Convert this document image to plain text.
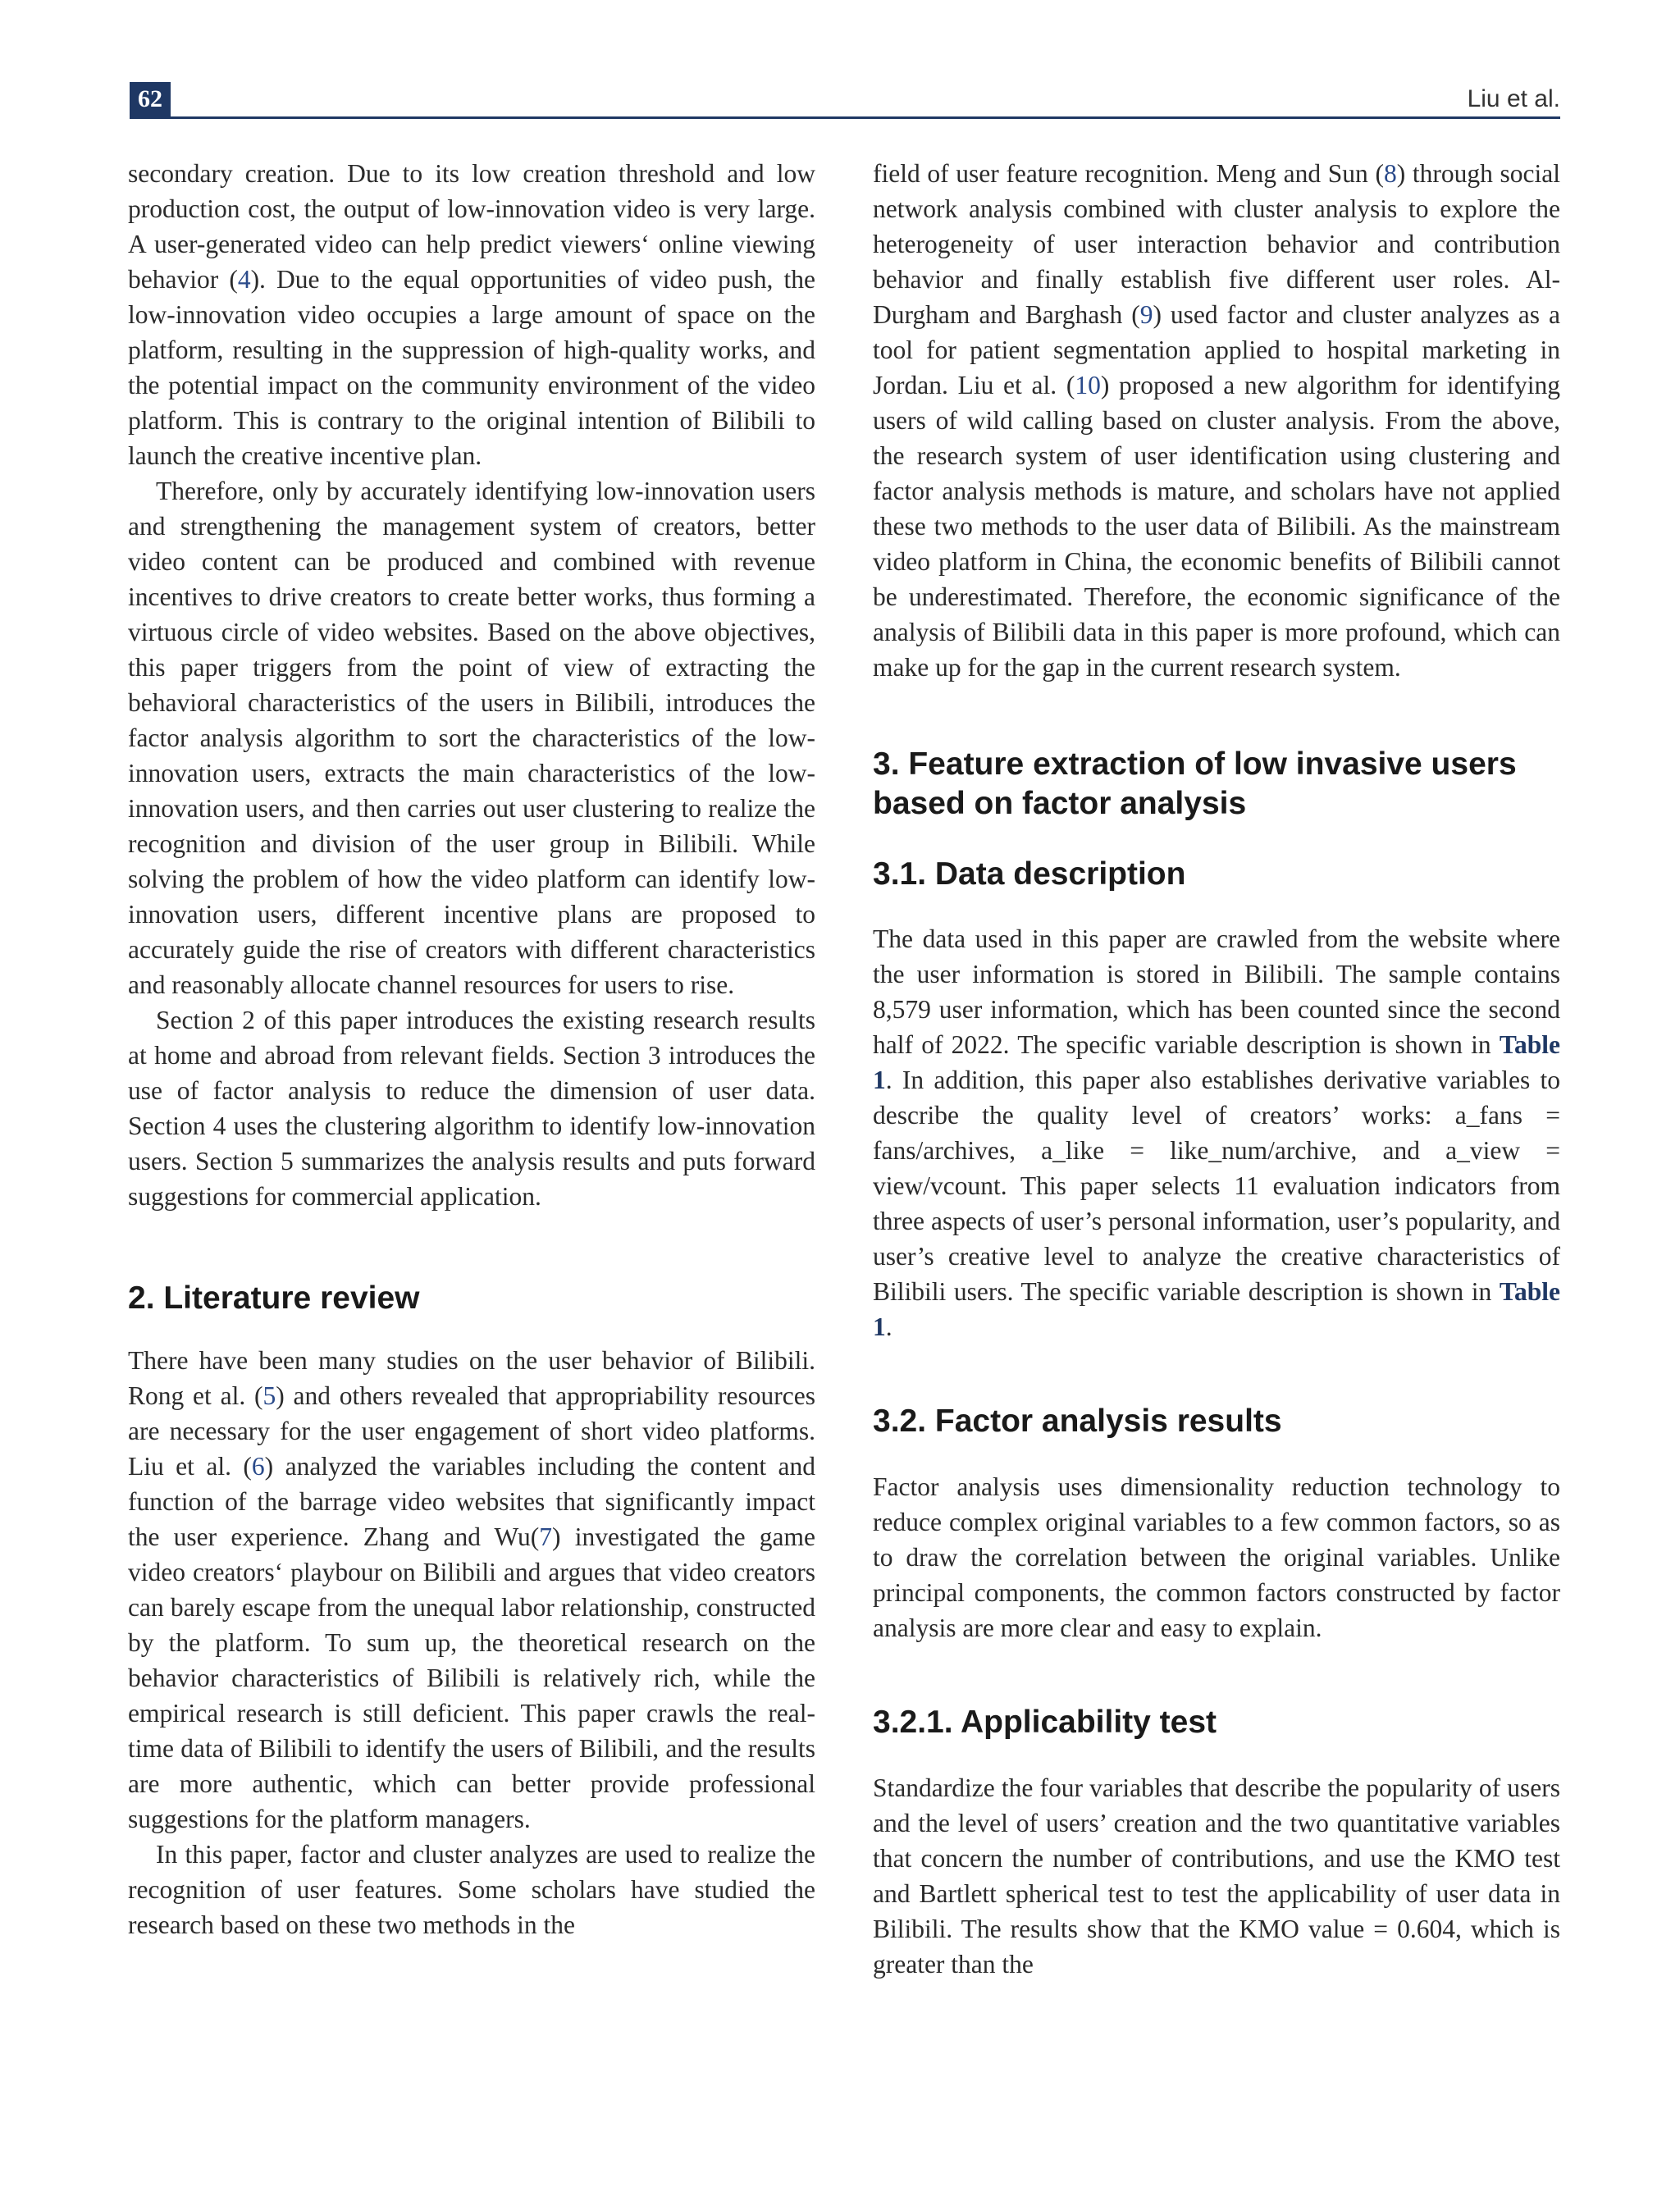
62	Liu et al.

secondary creation. Due to its low creation threshold and low production cost, the output of low-innovation video is very large. A user-generated video can help predict viewers‘ online viewing behavior (4). Due to the equal opportunities of video push, the low-innovation video occupies a large amount of space on the platform, resulting in the suppression of high-quality works, and the potential impact on the community environment of the video platform. This is contrary to the original intention of Bilibili to launch the creative incentive plan.

Therefore, only by accurately identifying low-innovation users and strengthening the management system of creators, better video content can be produced and combined with revenue incentives to drive creators to create better works, thus forming a virtuous circle of video websites. Based on the above objectives, this paper triggers from the point of view of extracting the behavioral characteristics of the users in Bilibili, introduces the factor analysis algorithm to sort the characteristics of the low-innovation users, extracts the main characteristics of the low-innovation users, and then carries out user clustering to realize the recognition and division of the user group in Bilibili. While solving the problem of how the video platform can identify low-innovation users, different incentive plans are proposed to accurately guide the rise of creators with different characteristics and reasonably allocate channel resources for users to rise.

Section 2 of this paper introduces the existing research results at home and abroad from relevant fields. Section 3 introduces the use of factor analysis to reduce the dimension of user data. Section 4 uses the clustering algorithm to identify low-innovation users. Section 5 summarizes the analysis results and puts forward suggestions for commercial application.

2. Literature review

There have been many studies on the user behavior of Bilibili. Rong et al. (5) and others revealed that appropriability resources are necessary for the user engagement of short video platforms. Liu et al. (6) analyzed the variables including the content and function of the barrage video websites that significantly impact the user experience. Zhang and Wu(7) investigated the game video creators‘ playbour on Bilibili and argues that video creators can barely escape from the unequal labor relationship, constructed by the platform. To sum up, the theoretical research on the behavior characteristics of Bilibili is relatively rich, while the empirical research is still deficient. This paper crawls the real-time data of Bilibili to identify the users of Bilibili, and the results are more authentic, which can better provide professional suggestions for the platform managers.

In this paper, factor and cluster analyzes are used to realize the recognition of user features. Some scholars have studied the research based on these two methods in the

field of user feature recognition. Meng and Sun (8) through social network analysis combined with cluster analysis to explore the heterogeneity of user interaction behavior and contribution behavior and finally establish five different user roles. Al-Durgham and Barghash (9) used factor and cluster analyzes as a tool for patient segmentation applied to hospital marketing in Jordan. Liu et al. (10) proposed a new algorithm for identifying users of wild calling based on cluster analysis. From the above, the research system of user identification using clustering and factor analysis methods is mature, and scholars have not applied these two methods to the user data of Bilibili. As the mainstream video platform in China, the economic benefits of Bilibili cannot be underestimated. Therefore, the economic significance of the analysis of Bilibili data in this paper is more profound, which can make up for the gap in the current research system.

3. Feature extraction of low invasive users based on factor analysis
3.1. Data description

The data used in this paper are crawled from the website where the user information is stored in Bilibili. The sample contains 8,579 user information, which has been counted since the second half of 2022. The specific variable description is shown in Table 1. In addition, this paper also establishes derivative variables to describe the quality level of creators’ works: a_fans = fans/archives, a_like = like_num/archive, and a_view = view/vcount. This paper selects 11 evaluation indicators from three aspects of user’s personal information, user’s popularity, and user’s creative level to analyze the creative characteristics of Bilibili users. The specific variable description is shown in Table 1.

3.2. Factor analysis results

Factor analysis uses dimensionality reduction technology to reduce complex original variables to a few common factors, so as to draw the correlation between the original variables. Unlike principal components, the common factors constructed by factor analysis are more clear and easy to explain.

3.2.1. Applicability test

Standardize the four variables that describe the popularity of users and the level of users’ creation and the two quantitative variables that concern the number of contributions, and use the KMO test and Bartlett spherical test to test the applicability of user data in Bilibili. The results show that the KMO value = 0.604, which is greater than the
